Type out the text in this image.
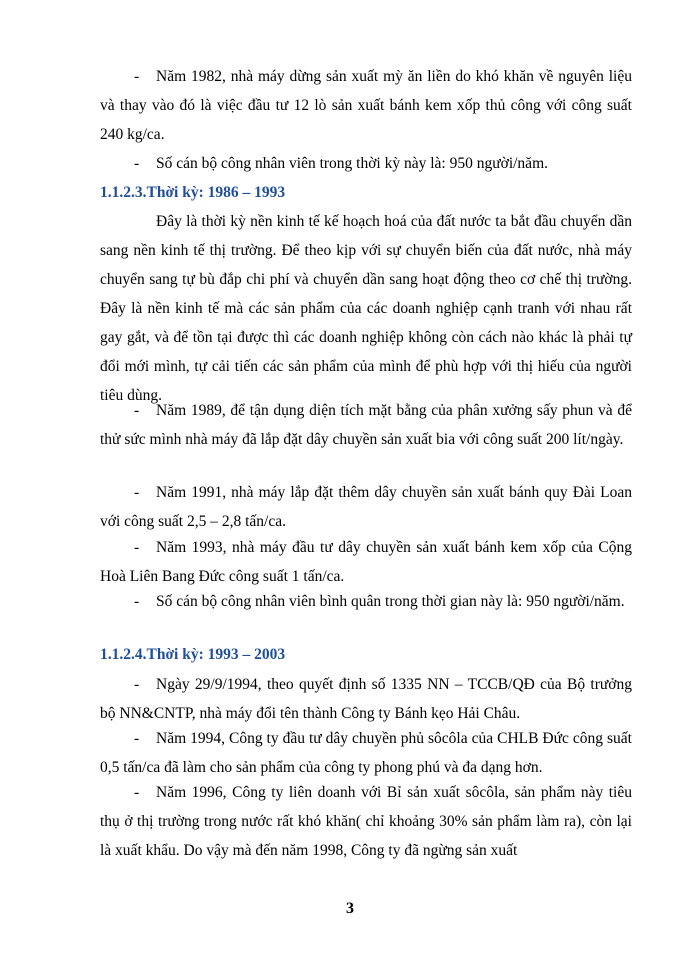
- Năm 1982, nhà máy dừng sản xuất mỳ ăn liền do khó khăn về nguyên liệu và thay vào đó là việc đầu tư 12 lò sản xuất bánh kem xốp thủ công với công suất 240 kg/ca.

- Số cán bộ công nhân viên trong thời kỳ này là: 950 người/năm.

1.1.2.3.Thời kỳ: 1986 – 1993

Đây là thời kỳ nền kinh tế kế hoạch hoá của đất nước ta bắt đầu chuyển dần sang nền kinh tế thị trường. Để theo kịp với sự chuyển biến của đất nước, nhà máy chuyển sang tự bù đắp chi phí và chuyển dần sang hoạt động theo cơ chế thị trường. Đây là nền kinh tế mà các sản phẩm của các doanh nghiệp cạnh tranh với nhau rất gay gắt, và để tồn tại được thì các doanh nghiệp không còn cách nào khác là phải tự đổi mới mình, tự cải tiến các sản phẩm của mình để phù hợp với thị hiếu của người tiêu dùng.

- Năm 1989, để tận dụng diện tích mặt bằng của phân xưởng sấy phun và để thử sức mình nhà máy đã lắp đặt dây chuyền sản xuất bia với công suất 200 lít/ngày.

- Năm 1991, nhà máy lắp đặt thêm dây chuyền sản xuất bánh quy Đài Loan với công suất 2,5 – 2,8 tấn/ca.

- Năm 1993, nhà máy đầu tư dây chuyền sản xuất bánh kem xốp của Cộng Hoà Liên Bang Đức công suất 1 tấn/ca.

- Số cán bộ công nhân viên bình quân trong thời gian này là: 950 người/năm.

1.1.2.4.Thời kỳ: 1993 – 2003

- Ngày 29/9/1994, theo quyết định số 1335 NN – TCCB/QĐ của Bộ trưởng bộ NN&CNTP, nhà máy đổi tên thành Công ty Bánh kẹo Hải Châu.

- Năm 1994, Công ty đầu tư dây chuyền phủ sôcôla của CHLB Đức công suất 0,5 tấn/ca đã làm cho sản phẩm của công ty phong phú và đa dạng hơn.

- Năm 1996, Công ty liên doanh với Bỉ sản xuất sôcôla, sản phẩm này tiêu thụ ở thị trường trong nước rất khó khăn( chỉ khoảng 30% sản phẩm làm ra), còn lại là xuất khẩu. Do vậy mà đến năm 1998, Công ty đã ngừng sản xuất

3
